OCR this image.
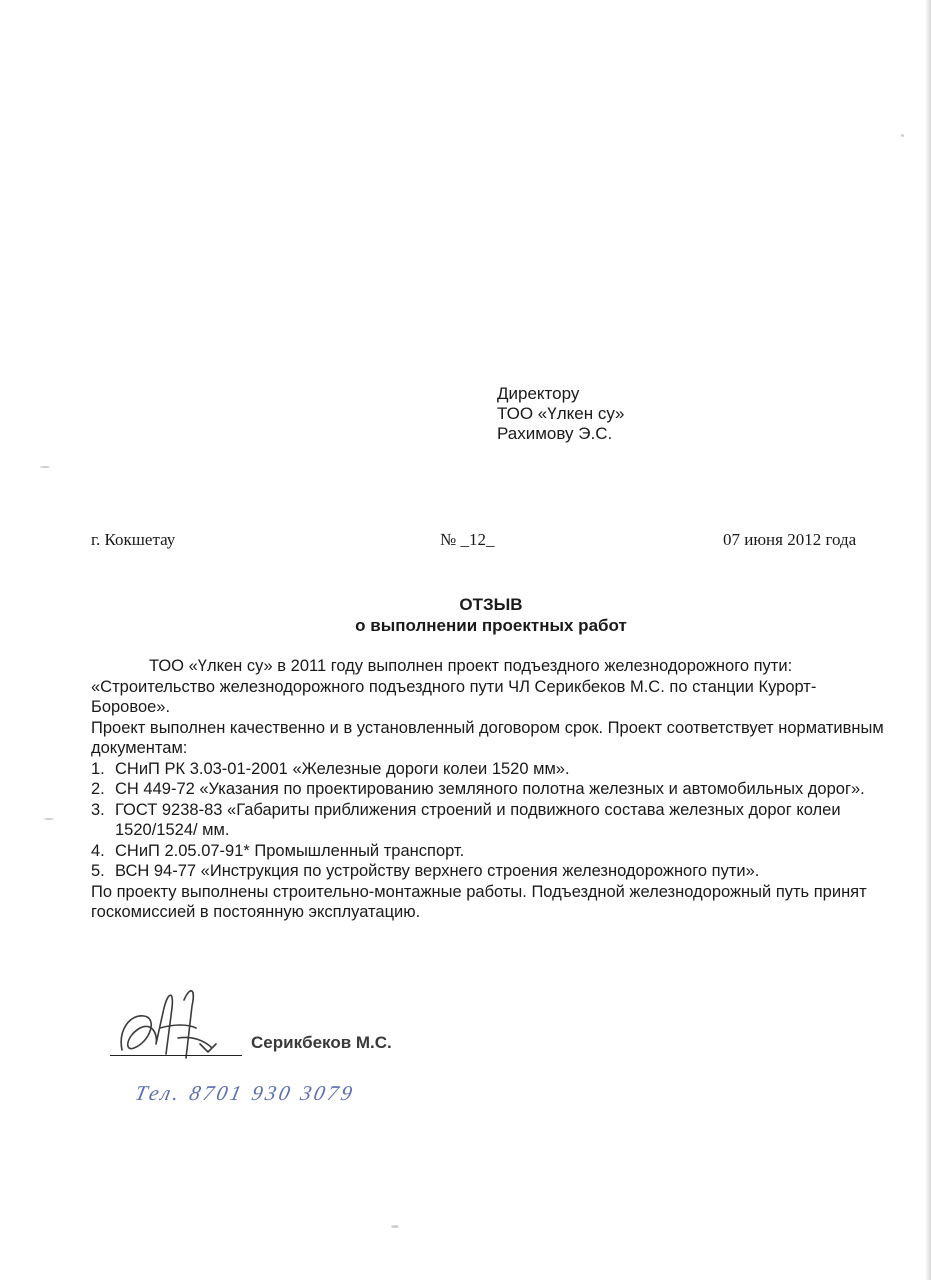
Директору
ТОО «Үлкен су»
Рахимову Э.С.
г. Кокшетау	№ _12_	07 июня 2012 года
ОТЗЫВ
о выполнении проектных работ

ТОО «Үлкен су» в 2011 году выполнен проект подъездного железнодорожного пути: «Строительство железнодорожного подъездного пути ЧЛ Серикбеков М.С. по станции Курорт-Боровое».

Проект выполнен качественно и в установленный договором срок. Проект соответствует нормативным документам:

1. СНиП РК 3.03-01-2001 «Железные дороги колеи 1520 мм».
2. СН 449-72 «Указания по проектированию земляного полотна железных и автомобильных дорог».
3. ГОСТ 9238-83 «Габариты приближения строений и подвижного состава железных дорог колеи 1520/1524/ мм.
4. СНиП 2.05.07-91* Промышленный транспорт.
5. ВСН 94-77 «Инструкция по устройству верхнего строения железнодорожного пути».

По проекту выполнены строительно-монтажные работы. Подъездной железнодорожный путь принят госкомиссией в постоянную эксплуатацию.

Серикбеков М.С.
Тел. 8701 930 3079
